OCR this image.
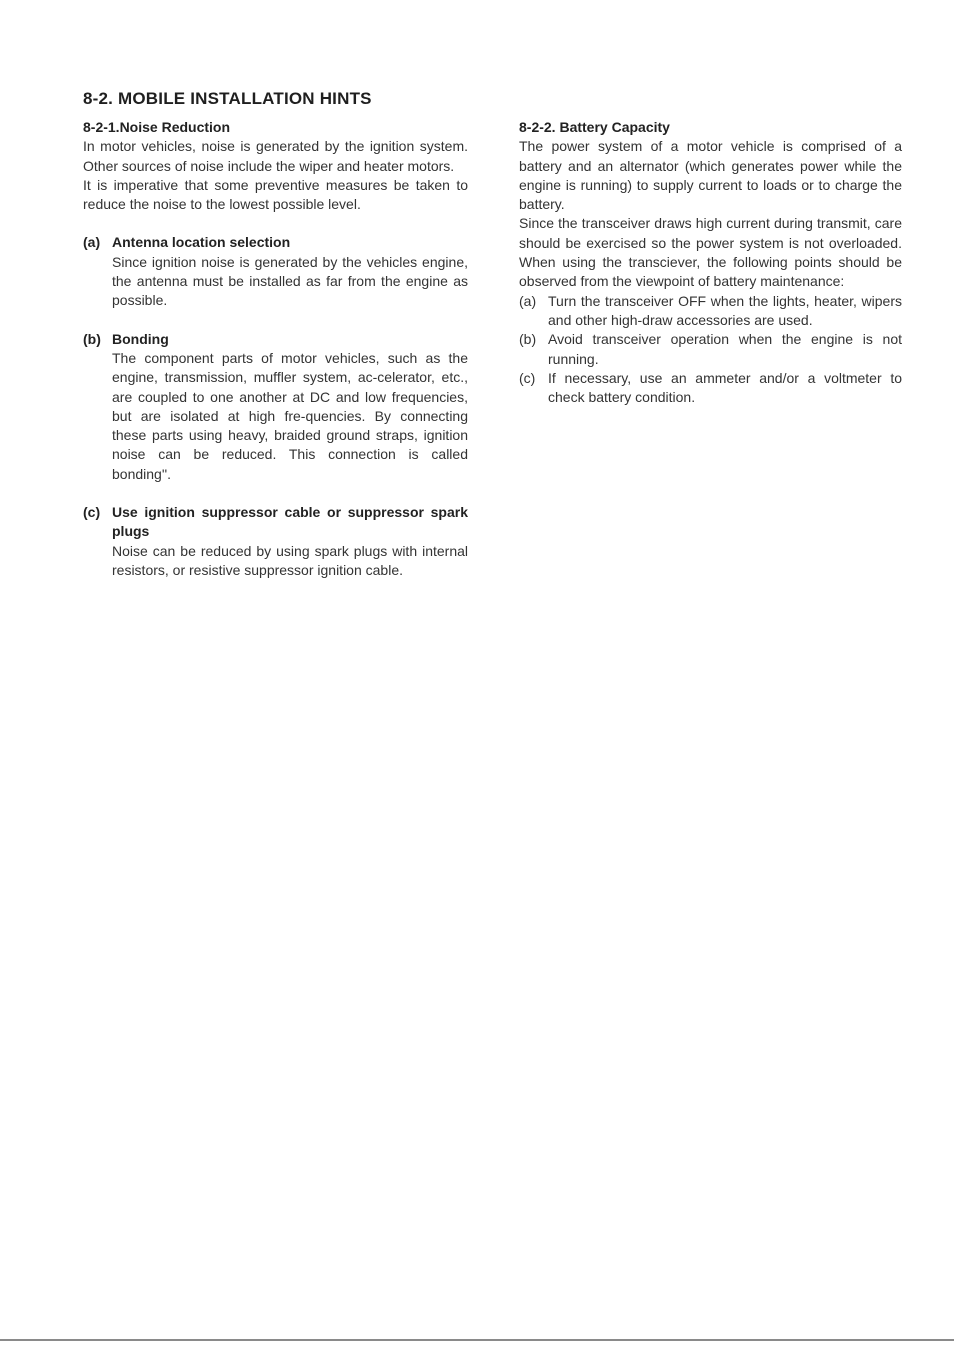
8-2. MOBILE INSTALLATION HINTS

8-2-1.Noise Reduction

In motor vehicles, noise is generated by the ignition system. Other sources of noise include the wiper and heater motors.

It is imperative that some preventive measures be taken to reduce the noise to the lowest possible level.

(a) Antenna location selection
Since ignition noise is generated by the vehicles engine, the antenna must be installed as far from the engine as possible.
(b) Bonding
The component parts of motor vehicles, such as the engine, transmission, muffler system, ac-celerator, etc., are coupled to one another at DC and low frequencies, but are isolated at high fre-quencies. By connecting these parts using heavy, braided ground straps, ignition noise can be reduced. This connection is called bonding''.
(c) Use ignition suppressor cable or suppressor spark plugs
Noise can be reduced by using spark plugs with internal resistors, or resistive suppressor ignition cable.

8-2-2. Battery Capacity

The power system of a motor vehicle is comprised of a battery and an alternator (which generates power while the engine is running) to supply current to loads or to charge the battery.

Since the transceiver draws high current during transmit, care should be exercised so the power system is not overloaded. When using the transciever, the following points should be observed from the viewpoint of battery maintenance:

(a) Turn the transceiver OFF when the lights, heater, wipers and other high-draw accessories are used.
(b) Avoid transceiver operation when the engine is not running.
(c) If necessary, use an ammeter and/or a voltmeter to check battery condition.
